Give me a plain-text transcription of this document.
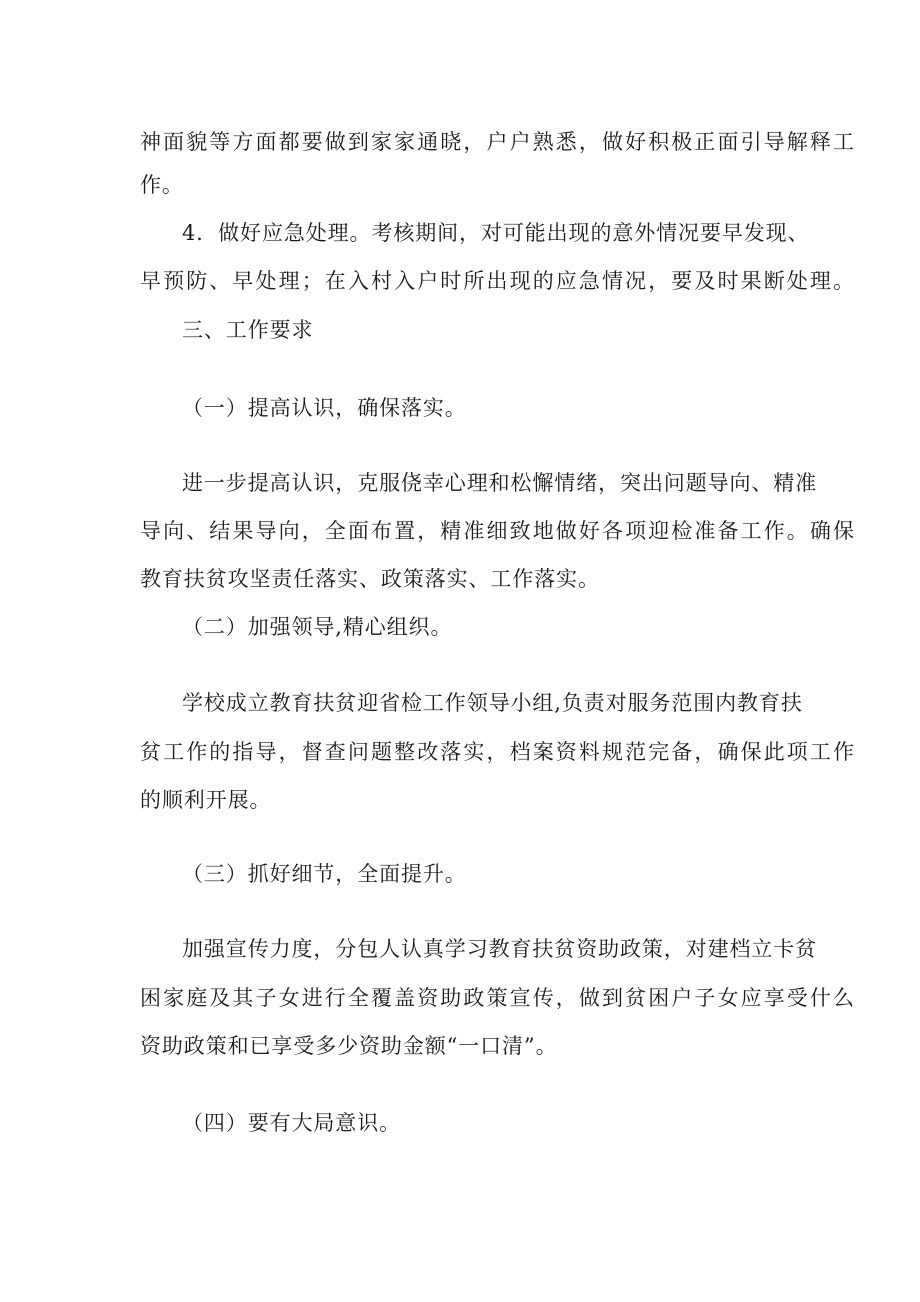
神面貌等方面都要做到家家通晓，户户熟悉，做好积极正面引导解释工

作。

4．做好应急处理。考核期间，对可能出现的意外情况要早发现、

早预防、早处理；在入村入户时所出现的应急情况，要及时果断处理。

三、工作要求

（一）提高认识，确保落实。

进一步提高认识，克服侥幸心理和松懈情绪，突出问题导向、精准

导向、结果导向，全面布置，精准细致地做好各项迎检准备工作。确保

教育扶贫攻坚责任落实、政策落实、工作落实。

（二）加强领导,精心组织。

学校成立教育扶贫迎省检工作领导小组,负责对服务范围内教育扶

贫工作的指导，督查问题整改落实，档案资料规范完备，确保此项工作

的顺利开展。

（三）抓好细节，全面提升。

加强宣传力度，分包人认真学习教育扶贫资助政策，对建档立卡贫

困家庭及其子女进行全覆盖资助政策宣传，做到贫困户子女应享受什么

资助政策和已享受多少资助金额“一口清”。

（四）要有大局意识。
